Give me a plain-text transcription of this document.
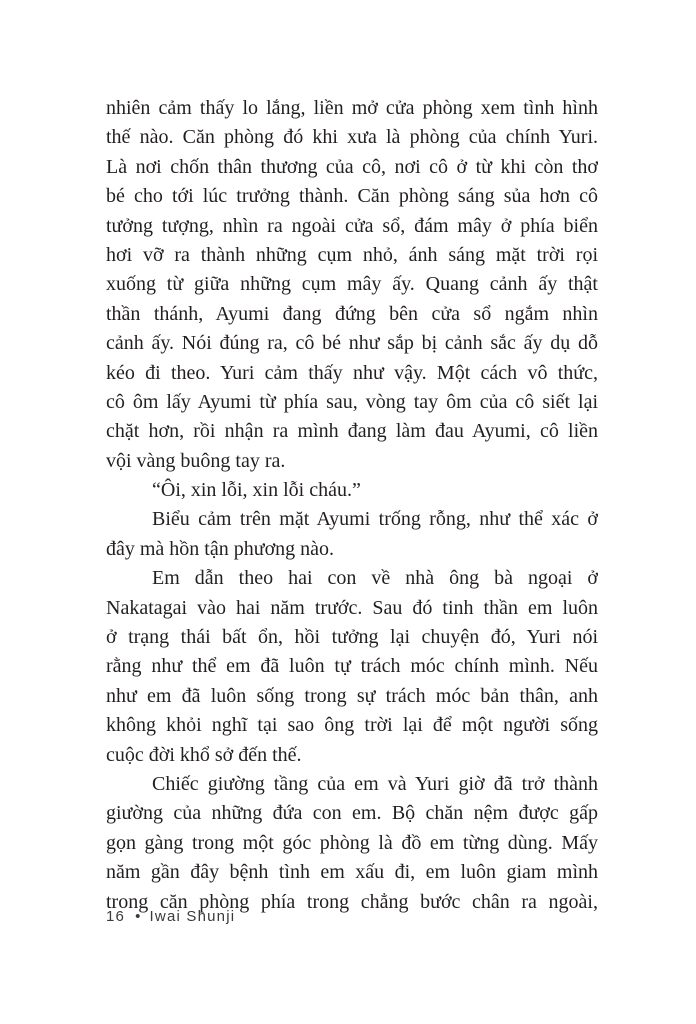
nhiên cảm thấy lo lắng, liền mở cửa phòng xem tình hình
thế nào. Căn phòng đó khi xưa là phòng của chính Yuri.
Là nơi chốn thân thương của cô, nơi cô ở từ khi còn thơ
bé cho tới lúc trưởng thành. Căn phòng sáng sủa hơn cô
tưởng tượng, nhìn ra ngoài cửa sổ, đám mây ở phía biển
hơi vỡ ra thành những cụm nhỏ, ánh sáng mặt trời rọi
xuống từ giữa những cụm mây ấy. Quang cảnh ấy thật
thần thánh, Ayumi đang đứng bên cửa sổ ngắm nhìn
cảnh ấy. Nói đúng ra, cô bé như sắp bị cảnh sắc ấy dụ dỗ
kéo đi theo. Yuri cảm thấy như vậy. Một cách vô thức,
cô ôm lấy Ayumi từ phía sau, vòng tay ôm của cô siết lại
chặt hơn, rồi nhận ra mình đang làm đau Ayumi, cô liền
vội vàng buông tay ra.
“Ôi, xin lỗi, xin lỗi cháu.”
Biểu cảm trên mặt Ayumi trống rỗng, như thể xác ở
đây mà hồn tận phương nào.
Em dẫn theo hai con về nhà ông bà ngoại ở
Nakatagai vào hai năm trước. Sau đó tinh thần em luôn
ở trạng thái bất ổn, hồi tưởng lại chuyện đó, Yuri nói
rằng như thể em đã luôn tự trách móc chính mình. Nếu
như em đã luôn sống trong sự trách móc bản thân, anh
không khỏi nghĩ tại sao ông trời lại để một người sống
cuộc đời khổ sở đến thế.
Chiếc giường tầng của em và Yuri giờ đã trở thành
giường của những đứa con em. Bộ chăn nệm được gấp
gọn gàng trong một góc phòng là đồ em từng dùng. Mấy
năm gần đây bệnh tình em xấu đi, em luôn giam mình
trong căn phòng phía trong chẳng bước chân ra ngoài,
16 • Iwai Shunji
